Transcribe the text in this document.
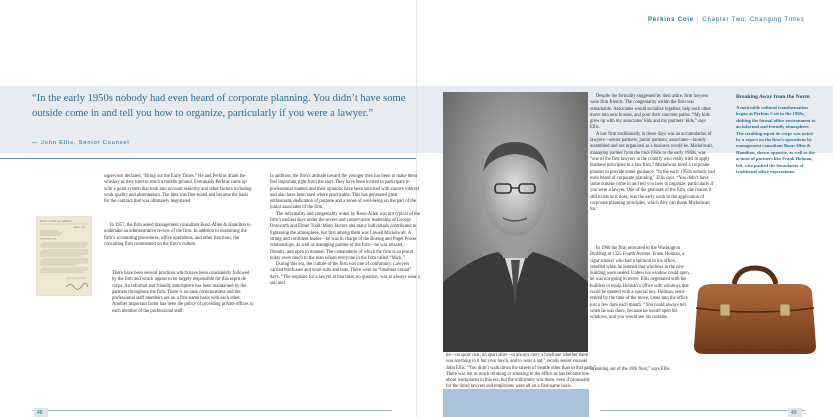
Perkins Coie | Chapter Two: Changing Times
“In the early 1950s nobody had even heard of corporate planning. You didn’t have some outside come in and tell you how to organize, particularly if you were a lawyer.”
— John Ellis, Senior Counsel
BOOZ • ALLEN & HAMILTON
March 1, 1957
Dear Mr. Mickelwait:
supervisor declared, “Bring out the Early Times.” He and Perkins drank the whiskey as they tried to reach a middle ground. Eventually Perkins came up with a point system that took into account seniority and other factors including work quality and absenteeism. The idea was fine-tuned and became the basis for the contract that was ultimately negotiated.
In 1957, the firm asked management consultant Booz-Allen & Hamilton to undertake an administrative review of the firm. In addition to examining the firm’s accounting procedures, office operations, and other functions, the consulting firm commented on the firm’s culture.
There have been several practices which have been consistently followed by the firm and which appear to be largely responsible for this esprit de corps. An informal and friendly atmosphere has been maintained by the partners throughout the firm. There is no rank consciousness and the professional staff members are on a first-name basis with each other. Another important factor has been the policy of providing private offices to each member of the professional staff.

In addition, the firm’s attitude toward the younger men has been to make them feel important right from the start. They have been invited to participate in professional matters and their opinions have been solicited with sincere interest and also have been used where practicable. This has generated great enthusiasm, dedication of purpose and a sense of well-being on the part of the junior associates of the firm.

The informality and congeniality noted by Booz-Allen was not typical of the firm’s earliest days under the severe and conservative leadership of George Donworth and Elmer Todd. Many factors and many individuals contributed to lightening the atmosphere, but first among them was Lowell Mickelwait. A strong and confident leader—he was in charge of the Boeing and Puget Power relationships, as well as managing partner of the firm—he was relaxed, friendly, and open in manner. The camaraderie of which the firm is so proud today owes much to the man whom everyone in the firm called “Mick.”

During this era, the culture of the firm was one of conformity. Lawyers carried briefcases and wore suits and hats. There were no “business casual” days. “The requisite for a lawyer at that time, no question, was to always wear a suit and

tie—no sport coat, no sport shirt—to always carry a briefcase whether there was anything in it but your lunch, and to wear a hat,” recalls senior counsel John Ellis. “You didn’t walk down the streets of Seattle other than in that garb.” There was not as much drinking or smoking in the office as has become lore about workplaces in this era, but the uniformity was there, even if (unusually for the time) lawyers and employees were all on a first-name basis.

Despite the formality suggested by their attire, firm lawyers were firm friends. The congeniality within the firm was remarkable. Associates would socialize together, help each other move into new houses, and pour their concrete patios. “My kids grew up with my associates’ kids and my partners’ kids,” says Ellis.

A law firm traditionally in those days was an accumulation of lawyers—senior partners, junior partners, associates—loosely assembled and not organized as a business would be. Mickelwait, managing partner from the mid-1950s to the early 1960s, was “one of the first lawyers in the country who really tried to apply business principles to a law firm,” Mickelwait hired a corporate planner to provide some guidance. “In the early 1950s nobody had even heard of corporate planning,” Ellis says. “You didn’t have some outside come in and tell you how to organize, particularly if you were a lawyer. One of the geniuses of the firm, one reason it still exists as it does, was the early work in the application of corporate planning principles, which they can thank Mickelwait for.”

In 1960 the firm relocated to the Washington Building at 1325 Fourth Avenue. Frank Holman, a cigar smoker who had a spittoon in his office, rebelled when he learned that windows in the new building were sealed. Unless his window could open, he was not going to move. Ellis negotiated with the builders to equip Holman’s office with windows that could be opened with a special key. Holman, semi-retired by the time of the move, came into the office just a few days each month. “You could always tell when he was there, because he would open his windows, and you would see his curtains
streaming out of the 18th floor,” says Ellis.
Breaking Away from the Norm

A noticeable cultural transformation began at Perkins Coie in the 1950s, shifting the formal office environment to an informal and friendly atmosphere. The resulting esprit de corps was noted by a report on the firm’s operations by management consultant Booz-Allen & Hamilton, shown opposite, as well as the actions of partners like Frank Holman, left, who pushed the boundaries of traditional office expectations.

48	49
